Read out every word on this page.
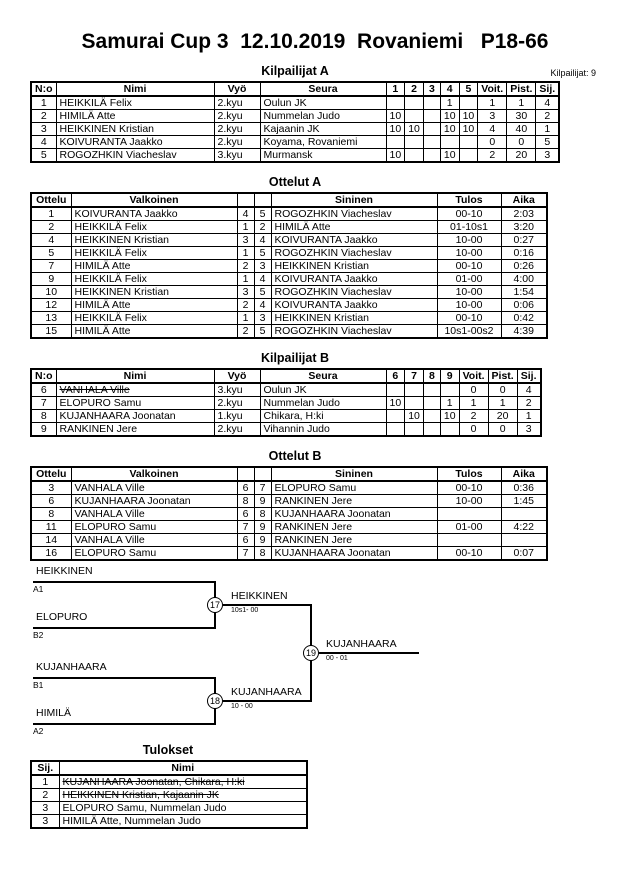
Samurai Cup 3  12.10.2019  Rovaniemi   P18-66
Kilpailijat A	Kilpailijat: 9
N:o	Nimi	Vyö	Seura	1	2	3	4	5	Voit.	Pist.	Sij.
1	HEIKKILÄ Felix	2.kyu	Oulun JK				1		1	1	4
2	HIMILÄ Atte	2.kyu	Nummelan Judo	10			10	10	3	30	2
3	HEIKKINEN Kristian	2.kyu	Kajaanin JK	10	10		10	10	4	40	1
4	KOIVURANTA Jaakko	2.kyu	Koyama, Rovaniemi						0	0	5
5	ROGOZHKIN Viacheslav	3.kyu	Murmansk	10			10		2	20	3
Ottelut A
Ottelu	Valkoinen			Sininen	Tulos	Aika
1	KOIVURANTA Jaakko	4	5	ROGOZHKIN Viacheslav	00-10	2:03
2	HEIKKILÄ Felix	1	2	HIMILÄ Atte	01-10s1	3:20
4	HEIKKINEN Kristian	3	4	KOIVURANTA Jaakko	10-00	0:27
5	HEIKKILÄ Felix	1	5	ROGOZHKIN Viacheslav	10-00	0:16
7	HIMILÄ Atte	2	3	HEIKKINEN Kristian	00-10	0:26
9	HEIKKILÄ Felix	1	4	KOIVURANTA Jaakko	01-00	4:00
10	HEIKKINEN Kristian	3	5	ROGOZHKIN Viacheslav	10-00	1:54
12	HIMILÄ Atte	2	4	KOIVURANTA Jaakko	10-00	0:06
13	HEIKKILÄ Felix	1	3	HEIKKINEN Kristian	00-10	0:42
15	HIMILÄ Atte	2	5	ROGOZHKIN Viacheslav	10s1-00s2	4:39
Kilpailijat B
N:o	Nimi	Vyö	Seura	6	7	8	9	Voit.	Pist.	Sij.
6	VANHALA Ville	3.kyu	Oulun JK					0	0	4
7	ELOPURO Samu	2.kyu	Nummelan Judo	10			1	1	1	2
8	KUJANHAARA Joonatan	1.kyu	Chikara, H:ki		10		10	2	20	1
9	RANKINEN Jere	2.kyu	Vihannin Judo					0	0	3
Ottelut B
Ottelu	Valkoinen			Sininen	Tulos	Aika
3	VANHALA Ville	6	7	ELOPURO Samu	00-10	0:36
6	KUJANHAARA Joonatan	8	9	RANKINEN Jere	10-00	1:45
8	VANHALA Ville	6	8	KUJANHAARA Joonatan		
11	ELOPURO Samu	7	9	RANKINEN Jere	01-00	4:22
14	VANHALA Ville	6	9	RANKINEN Jere		
16	ELOPURO Samu	7	8	KUJANHAARA Joonatan	00-10	0:07
HEIKKINEN
A1
ELOPURO
B2
17
HEIKKINEN
10s1- 00
19
KUJANHAARA
00 - 01
KUJANHAARA
B1
HIMILÄ
A2
18
KUJANHAARA
10 - 00
Tulokset
Sij.	Nimi
1	KUJANHAARA Joonatan, Chikara, H:ki
2	HEIKKINEN Kristian, Kajaanin JK
3	ELOPURO Samu, Nummelan Judo
3	HIMILÄ Atte, Nummelan Judo
